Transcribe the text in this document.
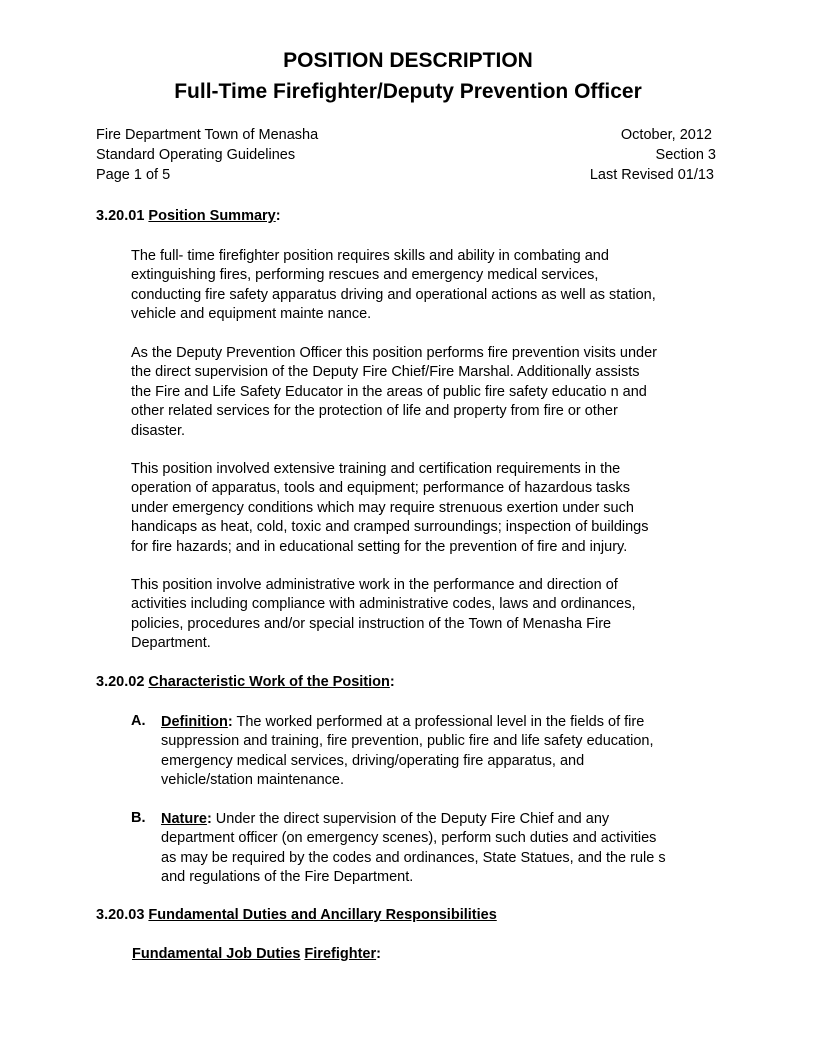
POSITION DESCRIPTION
Full-Time Firefighter/Deputy Prevention Officer
Fire Department Town of Menasha
Standard Operating Guidelines
Page 1 of 5
October, 2012
Section 3
Last Revised 01/13
3.20.01 Position Summary:
The full- time firefighter position requires skills and ability in combating and
extinguishing fires, performing rescues and emergency medical services,
conducting fire safety apparatus driving and operational actions as well as station,
vehicle and equipment mainte nance.
As the Deputy Prevention Officer this position performs fire prevention visits under
the direct supervision of the Deputy Fire Chief/Fire Marshal. Additionally assists
the Fire and Life Safety Educator in the areas of public fire safety educatio n and
other related services for the protection of life and property from fire or other
disaster.
This position involved extensive training and certification requirements in the
operation of apparatus, tools and equipment; performance of hazardous tasks
under emergency conditions which may require strenuous exertion under such
handicaps as heat, cold, toxic and cramped surroundings; inspection of buildings
for fire hazards; and in educational setting for the prevention of fire and injury.
This position involve administrative work in the performance and direction of
activities including compliance with administrative codes, laws and ordinances,
policies, procedures and/or special instruction of the Town of Menasha Fire
Department.
3.20.02 Characteristic Work of the Position:
A. Definition: The worked performed at a professional level in the fields of fire
suppression and training, fire prevention, public fire and life safety education,
emergency medical services, driving/operating fire apparatus, and
vehicle/station maintenance.
B. Nature: Under the direct supervision of the Deputy Fire Chief and any
department officer (on emergency scenes), perform such duties and activities
as may be required by the codes and ordinances, State Statues, and the rule s
and regulations of the Fire Department.
3.20.03 Fundamental Duties and Ancillary Responsibilities
Fundamental Job Duties Firefighter:
